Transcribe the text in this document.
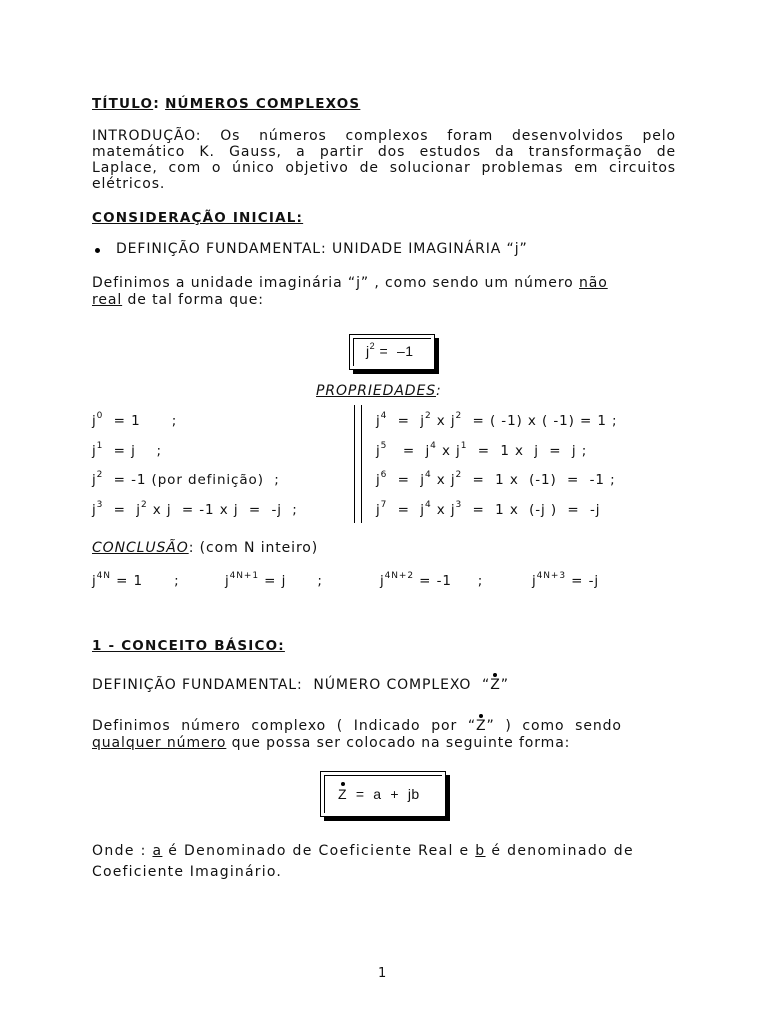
TÍTULO: NÚMEROS COMPLEXOS
INTRODUÇÃO: Os números complexos foram desenvolvidos pelo
matemático K. Gauss, a partir dos estudos da transformação de
Laplace, com o único objetivo de solucionar problemas em circuitos
elétricos.
CONSIDERAÇÃO INICIAL:
DEFINIÇÃO FUNDAMENTAL: UNIDADE IMAGINÁRIA “j”
Definimos a unidade imaginária “j” , como sendo um número não
real de tal forma que:
$j^2 = -1$
PROPRIEDADES:
$j^0 = 1$      ;
$j^1 = j$    ;
$j^2 = -1$ (por definição)  ;
$j^3 = j^2$ x j  = -1 x j  =  -j  ;
$j^4 = j^2$ x $j^2$  = ( -1) x ( -1) = 1 ;
$j^5 = j^4$ x $j^1 = 1$ x  j  =  j ;
$j^6 = j^4$ x $j^2 = 1$ x  (-1)  =  -1 ;
$j^7 = j^4$ x $j^3 = 1$ x  (-j )  =  -j
CONCLUSÃO: (com N inteiro)
$j^{4N} = 1$      ;	$j^{4N+1} = j$      ;	$j^{4N+2} = -1$     ;	$j^{4N+3} = -j$
1 - CONCEITO BÁSICO:
DEFINIÇÃO FUNDAMENTAL:  NÚMERO COMPLEXO  “
Z”
Definimos  número  complexo  (  Indicado  por  “
Z”  )  como  sendo
qualquer número que possa ser colocado na seguinte forma:
Z  =  a  +  jb
Onde : a é Denominado de Coeficiente Real e b é denominado de
Coeficiente Imaginário.
1
